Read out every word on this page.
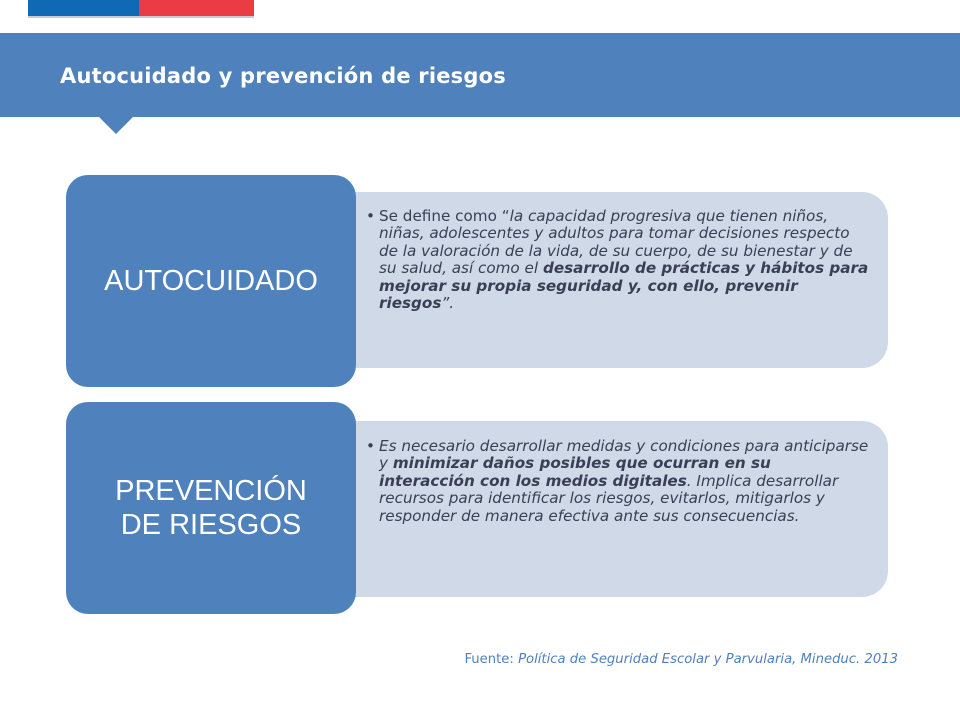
Autocuidado y prevención de riesgos

• Se define como “la capacidad progresiva que tienen niños, niñas, adolescentes y adultos para tomar decisiones respecto de la valoración de la vida, de su cuerpo, de su bienestar y de su salud, así como el desarrollo de prácticas y hábitos para mejorar su propia seguridad y, con ello, prevenir riesgos”.

• Es necesario desarrollar medidas y condiciones para anticiparse y minimizar daños posibles que ocurran en su interacción con los medios digitales. Implica desarrollar recursos para identificar los riesgos, evitarlos, mitigarlos y responder de manera efectiva ante sus consecuencias.

AUTOCUIDADO
PREVENCIÓN
DE RIESGOS
Fuente: Política de Seguridad Escolar y Parvularia, Mineduc. 2013
